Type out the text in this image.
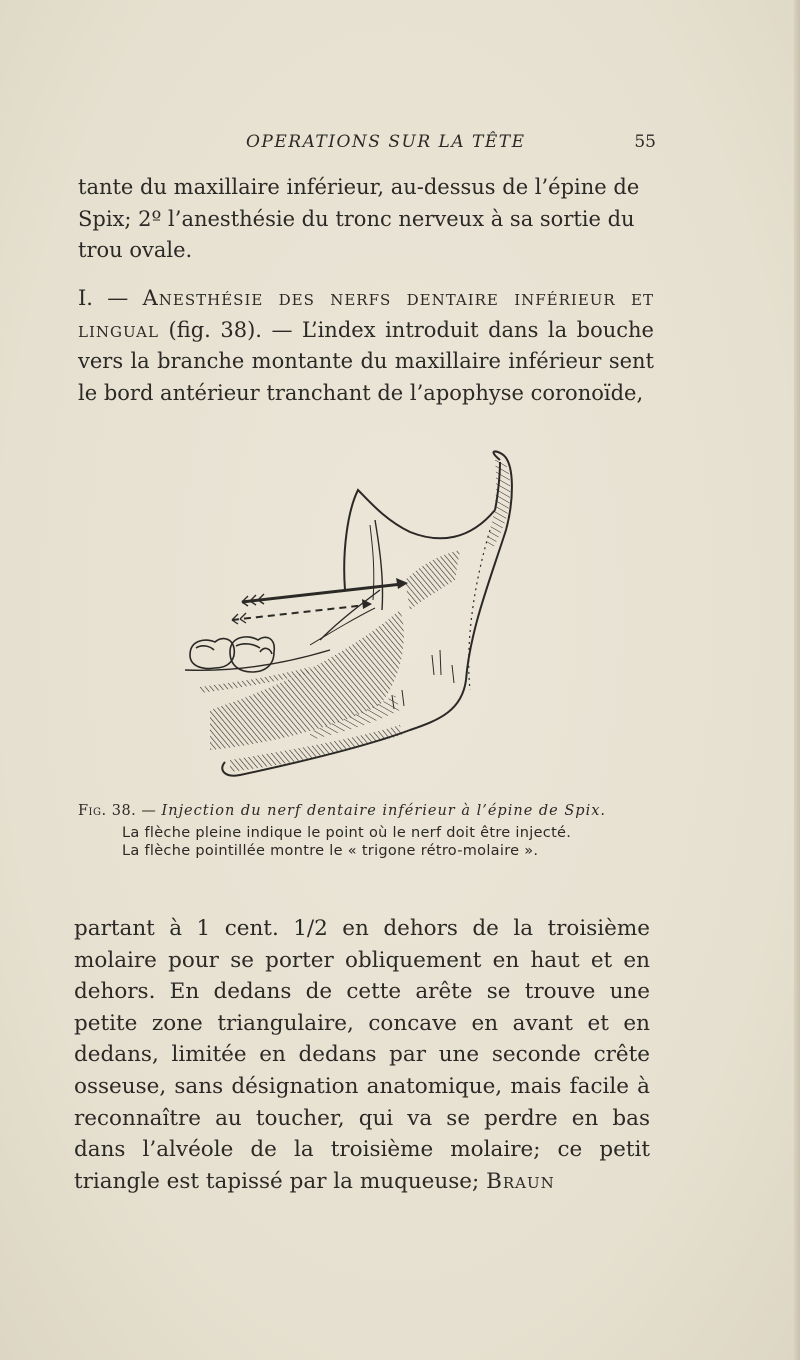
OPERATIONS SUR LA TÊTE	55

tante du maxillaire inférieur, au-dessus de l’épine de Spix; 2º l’anesthésie du tronc nerveux à sa sortie du trou ovale.

I. — Anesthésie des nerfs dentaire inférieur et lingual (fig. 38). — L’index introduit dans la bouche vers la branche montante du maxillaire inférieur sent le bord antérieur tranchant de l’apophyse coronoïde,

Fig. 38. — Injection du nerf dentaire inférieur à l’épine de Spix.
La flèche pleine indique le point où le nerf doit être injecté.
La flèche pointillée montre le « trigone rétro-molaire ».

partant à 1 cent. 1/2 en dehors de la troisième molaire pour se porter obliquement en haut et en dehors. En dedans de cette arête se trouve une petite zone triangulaire, concave en avant et en dedans, limitée en dedans par une seconde crête osseuse, sans désignation anatomique, mais facile à reconnaître au toucher, qui va se perdre en bas dans l’alvéole de la troisième molaire; ce petit triangle est tapissé par la muqueuse; Braun
